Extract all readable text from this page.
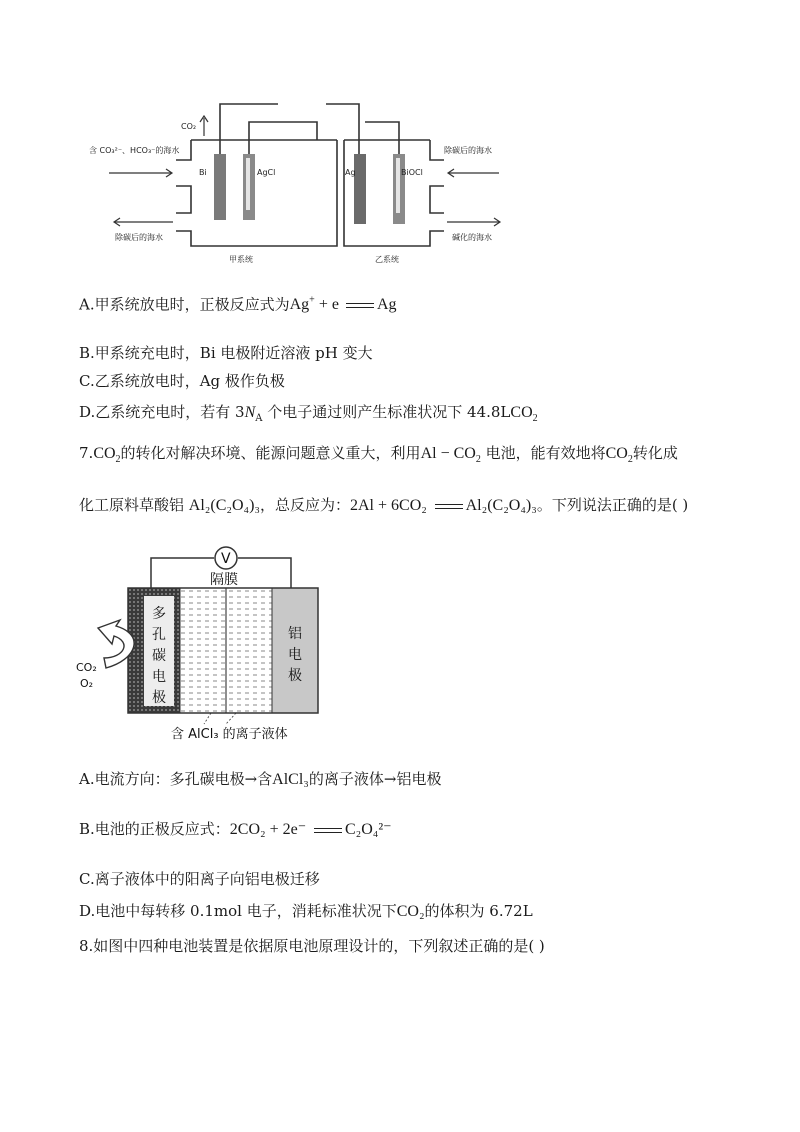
CO₂
Bi	AgCl
含 CO₃²⁻、HCO₃⁻的海水
除碳后的海水
甲系统
Ag	BiOCl
除碳后的海水
碱化的海水
乙系统
A.甲系统放电时，正极反应式为Ag+ + e Ag
B.甲系统充电时，Bi 电极附近溶液 pH 变大
C.乙系统放电时，Ag 极作负极
D.乙系统充电时，若有 $3N_A$ 个电子通过则产生标准状况下 $44.8LCO_2$
$7.CO_2$的转化对解决环境、能源问题意义重大，利用$Al - CO_2$ 电池，能有效地将$CO_2$转化成
化工原料草酸铝 Al₂(C₂O₄)₃，总反应为：2Al + 6CO₂ Al₂(C₂O₄)₃。下列说法正确的是( )
V
隔膜
多
孔
碳
电
极
铝
电
极
CO₂
O₂
含 AlCl₃ 的离子液体
A.电流方向：多孔碳电极→含AlCl₃的离子液体→铝电极
B.电池的正极反应式：2CO₂ + 2e⁻ C₂O₄²⁻
C.离子液体中的阳离子向铝电极迁移
D.电池中每转移 0.1mol 电子，消耗标准状况下CO₂的体积为 6.72L
8.如图中四种电池装置是依据原电池原理设计的，下列叙述正确的是( )
